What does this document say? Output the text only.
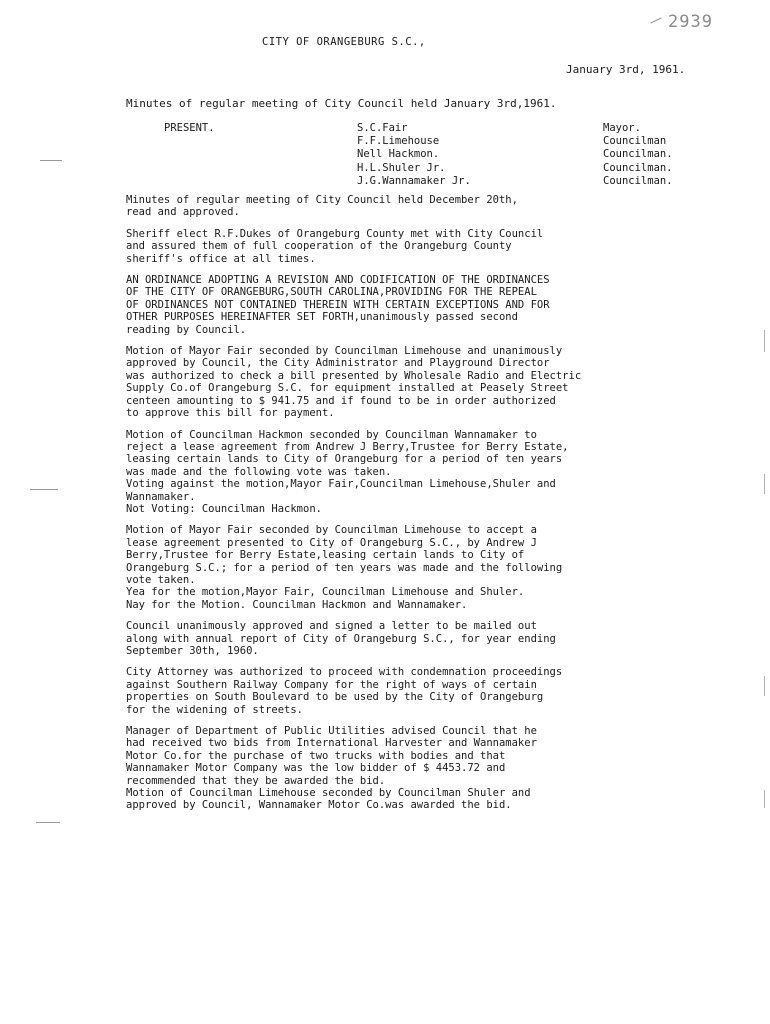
2939
CITY OF ORANGEBURG S.C.,
January 3rd, 1961.
Minutes of regular meeting of City Council held January 3rd,1961.
PRESENT.	S.C.Fair
F.F.Limehouse
Nell Hackmon.
H.L.Shuler Jr.
J.G.Wannamaker Jr.
Mayor.
Councilman
Councilman.
Councilman.
Councilman.

Minutes of regular meeting of City Council held December 20th,
read and approved.

Sheriff elect R.F.Dukes of Orangeburg County met with City Council
and assured them of full cooperation of the Orangeburg County
sheriff's office at all times.

AN ORDINANCE ADOPTING A REVISION AND CODIFICATION OF THE ORDINANCES
OF THE CITY OF ORANGEBURG,SOUTH CAROLINA,PROVIDING FOR THE REPEAL
OF ORDINANCES NOT CONTAINED THEREIN WITH CERTAIN EXCEPTIONS AND FOR
OTHER PURPOSES HEREINAFTER SET FORTH,unanimously passed second
reading by Council.

Motion of Mayor Fair seconded by Councilman Limehouse and unanimously
approved by Council, the City Administrator and Playground Director
was authorized to check a bill presented by Wholesale Radio and Electric
Supply Co.of Orangeburg S.C. for equipment installed at Peasely Street
centeen amounting to $ 941.75 and if found to be in order authorized
to approve this bill for payment.

Motion of Councilman Hackmon seconded by Councilman Wannamaker to
reject a lease agreement from Andrew J Berry,Trustee for Berry Estate,
leasing certain lands to City of Orangeburg for a period of ten years
was made and the following vote was taken.
Voting against the motion,Mayor Fair,Councilman Limehouse,Shuler and
Wannamaker.
Not Voting: Councilman Hackmon.

Motion of Mayor Fair seconded by Councilman Limehouse to accept a
lease agreement presented to City of Orangeburg S.C., by Andrew J
Berry,Trustee for Berry Estate,leasing certain lands to City of
Orangeburg S.C.; for a period of ten years was made and the following
vote taken.
Yea for the motion,Mayor Fair, Councilman Limehouse and Shuler.
Nay for the Motion. Councilman Hackmon and Wannamaker.

Council unanimously approved and signed a letter to be mailed out
along with annual report of City of Orangeburg S.C., for year ending
September 30th, 1960.

City Attorney was authorized to proceed with condemnation proceedings
against Southern Railway Company for the right of ways of certain
properties on South Boulevard to be used by the City of Orangeburg
for the widening of streets.

Manager of Department of Public Utilities advised Council that he
had received two bids from International Harvester and Wannamaker
Motor Co.for the purchase of two trucks with bodies and that
Wannamaker Motor Company was the low bidder of $ 4453.72 and
recommended that they be awarded the bid.
Motion of Councilman Limehouse seconded by Councilman Shuler and
approved by Council, Wannamaker Motor Co.was awarded the bid.
